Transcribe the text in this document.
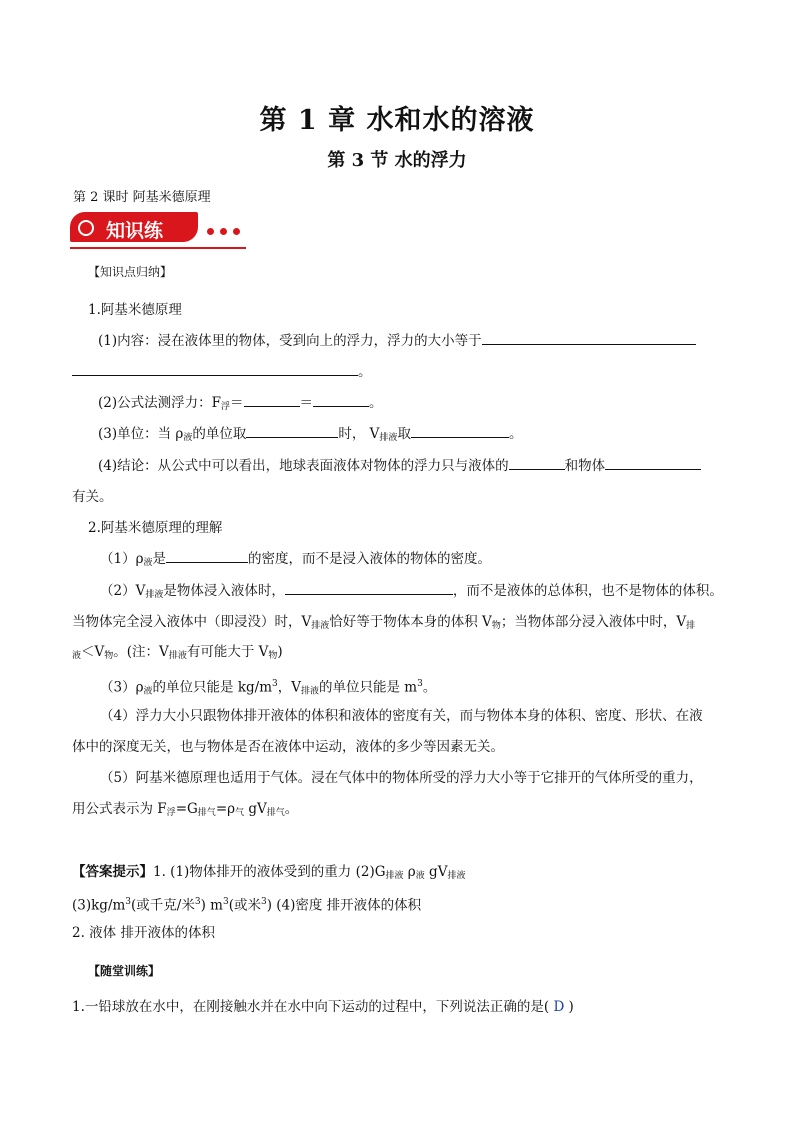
第 1 章 水和水的溶液
第 3 节 水的浮力
第 2 课时 阿基米德原理
知识练
【知识点归纳】
1.阿基米德原理
(1)内容：浸在液体里的物体，受到向上的浮力，浮力的大小等于
。
(2)公式法测浮力：$F_浮=$	＝	。
(3)单位：当 $\rho_液$的单位取	时， $V_{排液}$取	。
(4)结论：从公式中可以看出，地球表面液体对物体的浮力只与液体的	和物体
有关。
2.阿基米德原理的理解
$(1)\rho_液$是	的密度，而不是浸入液体的物体的密度。
$(2)V_{排液}$是物体浸入液体时，	，而不是液体的总体积，也不是物体的体积。
当物体完全浸入液体中（即浸没）时，$V_{排液}$恰好等于物体本身的体积 $V_物$；当物体部分浸入液体中时，$V_排$
$_液<V_物$。(注：$V_{排液}$有可能大于 $V_物$)
$(3)\rho_液$的单位只能是 $kg/m^3$，$V_{排液}$的单位只能是 $m^3$。
（4）浮力大小只跟物体排开液体的体积和液体的密度有关，而与物体本身的体积、密度、形状、在液
体中的深度无关，也与物体是否在液体中运动，液体的多少等因素无关。
（5）阿基米德原理也适用于气体。浸在气体中的物体所受的浮力大小等于它排开的气体所受的重力，
用公式表示为 $F_浮=G_{排气}=\rho_气$ $gV_{排气}$。
【答案提示】1. (1)物体排开的液体受到的重力 $(2)G_{排液}$ $\rho_液$ $gV_{排液}$
$(3)kg/m^3$(或千克/米$^3$) $m^3$(或米$^3$) (4)密度 排开液体的体积
2. 液体 排开液体的体积
【随堂训练】
1.一铅球放在水中，在刚接触水并在水中向下运动的过程中，下列说法正确的是( D )
